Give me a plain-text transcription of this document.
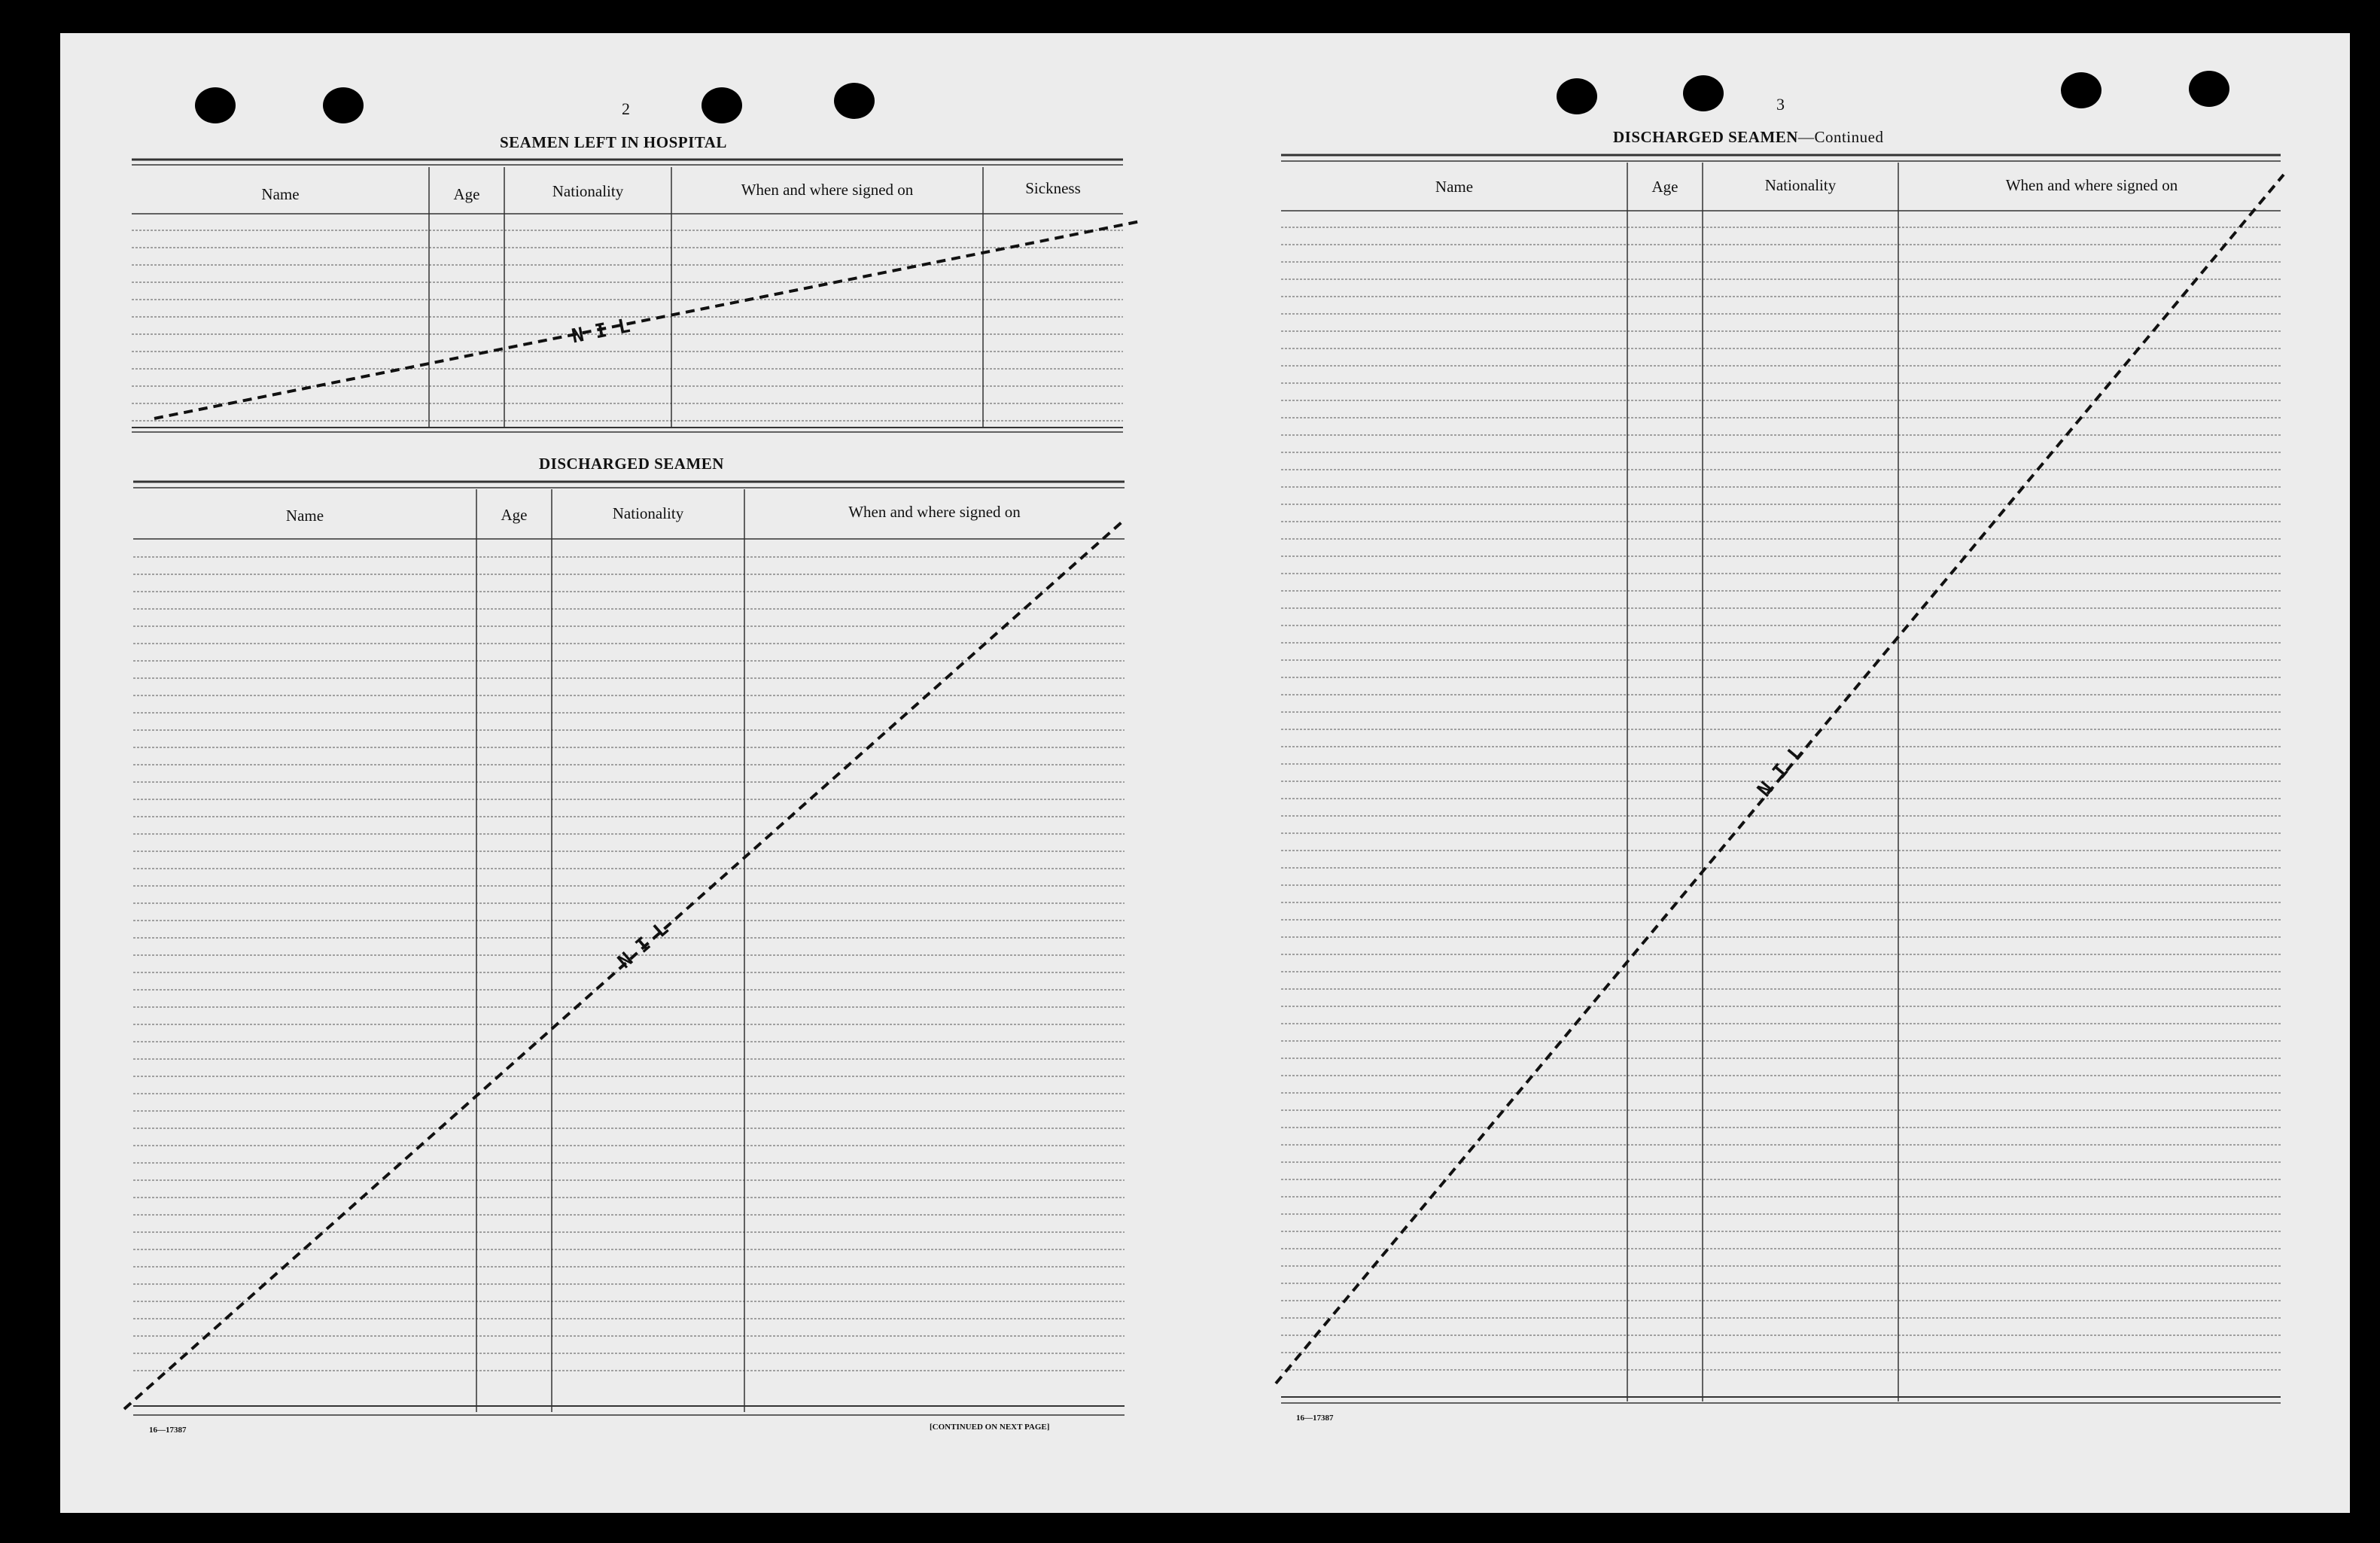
N I L
N I L
N I L
2
SEAMEN LEFT IN HOSPITAL
Name	Age	Nationality	When and where signed on	Sickness
DISCHARGED SEAMEN
Name	Age	Nationality	When and where signed on
16—17387	[CONTINUED ON NEXT PAGE]
3
DISCHARGED SEAMEN—Continued
Name	Age	Nationality	When and where signed on
16—17387
